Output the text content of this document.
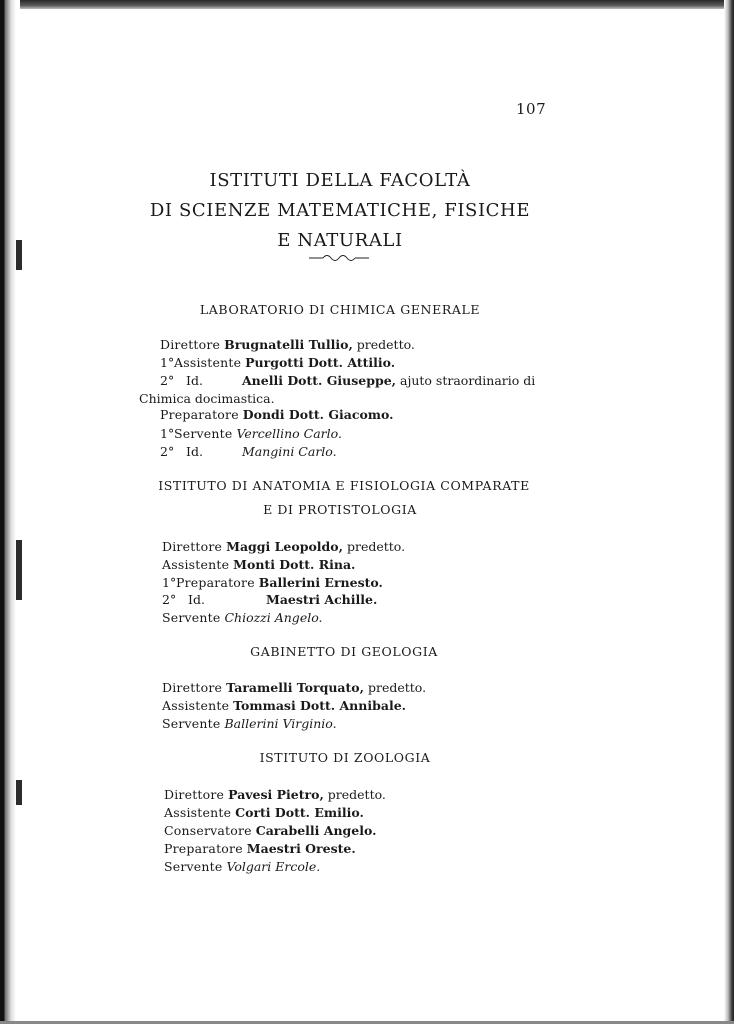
107
ISTITUTI DELLA FACOLTÀ
DI SCIENZE MATEMATICHE, FISICHE
E NATURALI
LABORATORIO DI CHIMICA GENERALE
Direttore Brugnatelli Tullio, predetto.
1°Assistente Purgotti Dott. Attilio.
2° Id.	Anelli Dott. Giuseppe, ajuto straordinario di
Chimica docimastica.
Preparatore Dondi Dott. Giacomo.
1°Servente Vercellino Carlo.
2° Id.	Mangini Carlo.
ISTITUTO DI ANATOMIA E FISIOLOGIA COMPARATE
E DI PROTISTOLOGIA
Direttore Maggi Leopoldo, predetto.
Assistente Monti Dott. Rina.
1°Preparatore Ballerini Ernesto.
2° Id.	Maestri Achille.
Servente Chiozzi Angelo.
GABINETTO DI GEOLOGIA
Direttore Taramelli Torquato, predetto.
Assistente Tommasi Dott. Annibale.
Servente Ballerini Virginio.
ISTITUTO DI ZOOLOGIA
Direttore Pavesi Pietro, predetto.
Assistente Corti Dott. Emilio.
Conservatore Carabelli Angelo.
Preparatore Maestri Oreste.
Servente Volgari Ercole.
